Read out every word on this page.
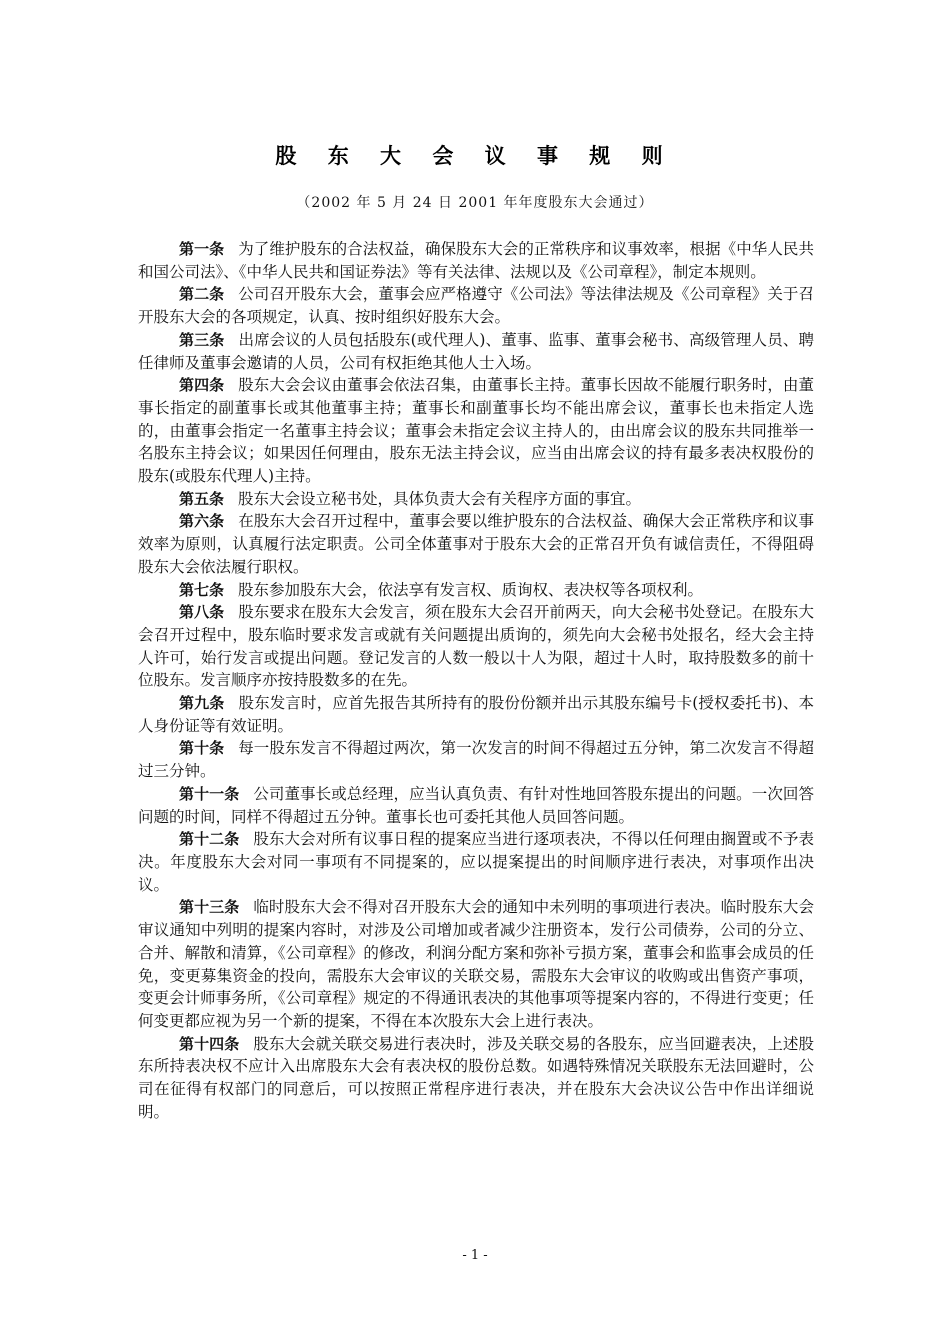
股 东 大 会 议 事 规 则
（2002 年 5 月 24 日 2001 年年度股东大会通过）

第一条 为了维护股东的合法权益，确保股东大会的正常秩序和议事效率，根据《中华人民共和国公司法》、《中华人民共和国证券法》等有关法律、法规以及《公司章程》，制定本规则。

第二条 公司召开股东大会，董事会应严格遵守《公司法》等法律法规及《公司章程》关于召开股东大会的各项规定，认真、按时组织好股东大会。

第三条 出席会议的人员包括股东(或代理人)、董事、监事、董事会秘书、高级管理人员、聘任律师及董事会邀请的人员，公司有权拒绝其他人士入场。

第四条 股东大会会议由董事会依法召集，由董事长主持。董事长因故不能履行职务时，由董事长指定的副董事长或其他董事主持；董事长和副董事长均不能出席会议，董事长也未指定人选的，由董事会指定一名董事主持会议；董事会未指定会议主持人的，由出席会议的股东共同推举一名股东主持会议；如果因任何理由，股东无法主持会议，应当由出席会议的持有最多表决权股份的股东(或股东代理人)主持。

第五条 股东大会设立秘书处，具体负责大会有关程序方面的事宜。

第六条 在股东大会召开过程中，董事会要以维护股东的合法权益、确保大会正常秩序和议事效率为原则，认真履行法定职责。公司全体董事对于股东大会的正常召开负有诚信责任，不得阻碍股东大会依法履行职权。

第七条 股东参加股东大会，依法享有发言权、质询权、表决权等各项权利。

第八条 股东要求在股东大会发言，须在股东大会召开前两天，向大会秘书处登记。在股东大会召开过程中，股东临时要求发言或就有关问题提出质询的，须先向大会秘书处报名，经大会主持人许可，始行发言或提出问题。登记发言的人数一般以十人为限，超过十人时，取持股数多的前十位股东。发言顺序亦按持股数多的在先。

第九条 股东发言时，应首先报告其所持有的股份份额并出示其股东编号卡(授权委托书)、本人身份证等有效证明。

第十条 每一股东发言不得超过两次，第一次发言的时间不得超过五分钟，第二次发言不得超过三分钟。

第十一条 公司董事长或总经理，应当认真负责、有针对性地回答股东提出的问题。一次回答问题的时间，同样不得超过五分钟。董事长也可委托其他人员回答问题。

第十二条 股东大会对所有议事日程的提案应当进行逐项表决，不得以任何理由搁置或不予表决。年度股东大会对同一事项有不同提案的，应以提案提出的时间顺序进行表决，对事项作出决议。

第十三条 临时股东大会不得对召开股东大会的通知中未列明的事项进行表决。临时股东大会审议通知中列明的提案内容时，对涉及公司增加或者减少注册资本，发行公司债券，公司的分立、合并、解散和清算，《公司章程》的修改，利润分配方案和弥补亏损方案，董事会和监事会成员的任免，变更募集资金的投向，需股东大会审议的关联交易，需股东大会审议的收购或出售资产事项，变更会计师事务所，《公司章程》规定的不得通讯表决的其他事项等提案内容的，不得进行变更；任何变更都应视为另一个新的提案，不得在本次股东大会上进行表决。

第十四条 股东大会就关联交易进行表决时，涉及关联交易的各股东，应当回避表决，上述股东所持表决权不应计入出席股东大会有表决权的股份总数。如遇特殊情况关联股东无法回避时，公司在征得有权部门的同意后，可以按照正常程序进行表决，并在股东大会决议公告中作出详细说明。

- 1 -
